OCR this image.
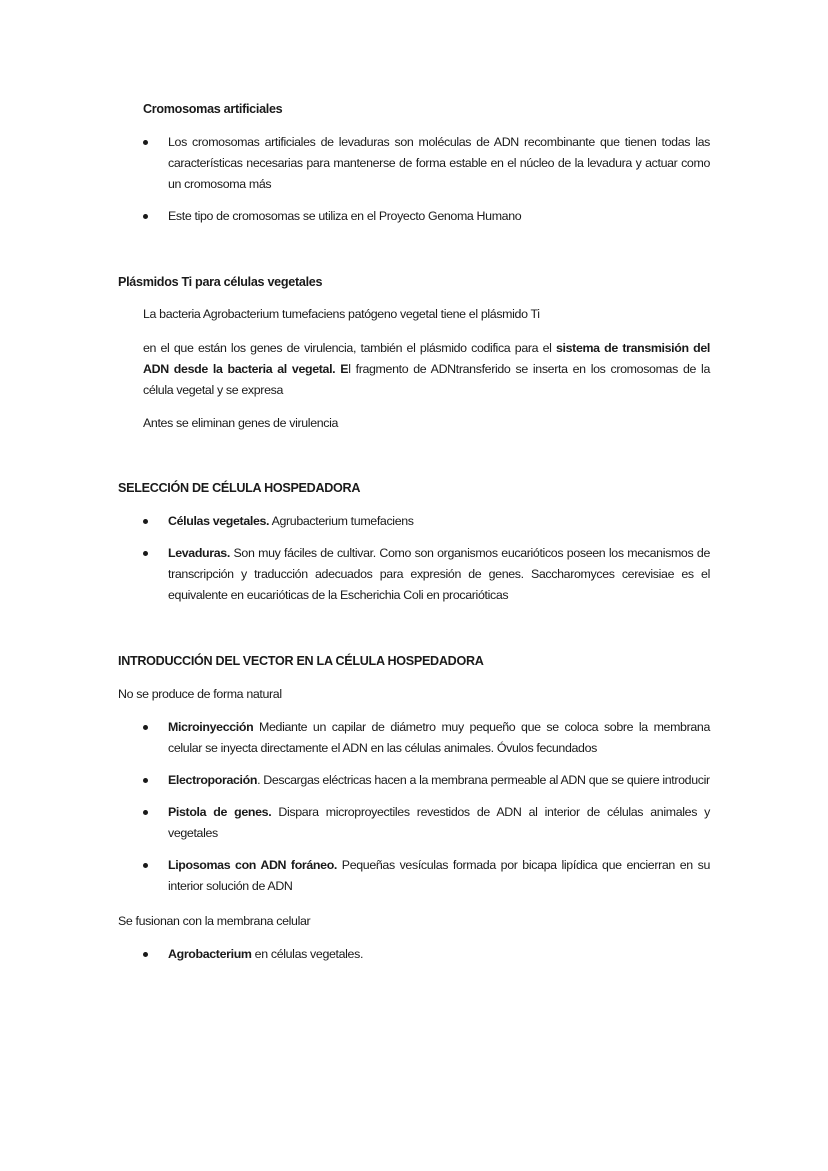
Cromosomas artificiales
Los cromosomas artificiales de levaduras son moléculas de ADN recombinante que tienen todas las características necesarias para mantenerse de forma estable en el núcleo de la levadura y actuar como un cromosoma más
Este tipo de cromosomas se utiliza en el Proyecto Genoma Humano
Plásmidos Ti para células vegetales
La bacteria Agrobacterium tumefaciens patógeno vegetal tiene el plásmido Ti
en el que están los genes de virulencia, también el plásmido codifica para el sistema de transmisión del ADN desde la bacteria al vegetal. El fragmento de ADNtransferido se inserta en los cromosomas de la célula vegetal y se expresa
Antes se eliminan genes de virulencia
SELECCIÓN DE CÉLULA HOSPEDADORA
Células vegetales. Agrubacterium tumefaciens
Levaduras. Son muy fáciles de cultivar. Como son organismos eucarióticos poseen los mecanismos de transcripción y traducción adecuados para expresión de genes. Saccharomyces cerevisiae es el equivalente en eucarióticas de la Escherichia Coli en procarióticas
INTRODUCCIÓN DEL VECTOR EN LA CÉLULA HOSPEDADORA
No se produce de forma natural
Microinyección Mediante un capilar de diámetro muy pequeño que se coloca sobre la membrana celular se inyecta directamente el ADN en las células animales. Óvulos fecundados
Electroporación. Descargas eléctricas hacen a la membrana permeable al ADN que se quiere introducir
Pistola de genes. Dispara microproyectiles revestidos de ADN al interior de células animales y vegetales
Liposomas con ADN foráneo. Pequeñas vesículas formada por bicapa lipídica que encierran en su interior solución de ADN
Se fusionan con la membrana celular
Agrobacterium en células vegetales.
